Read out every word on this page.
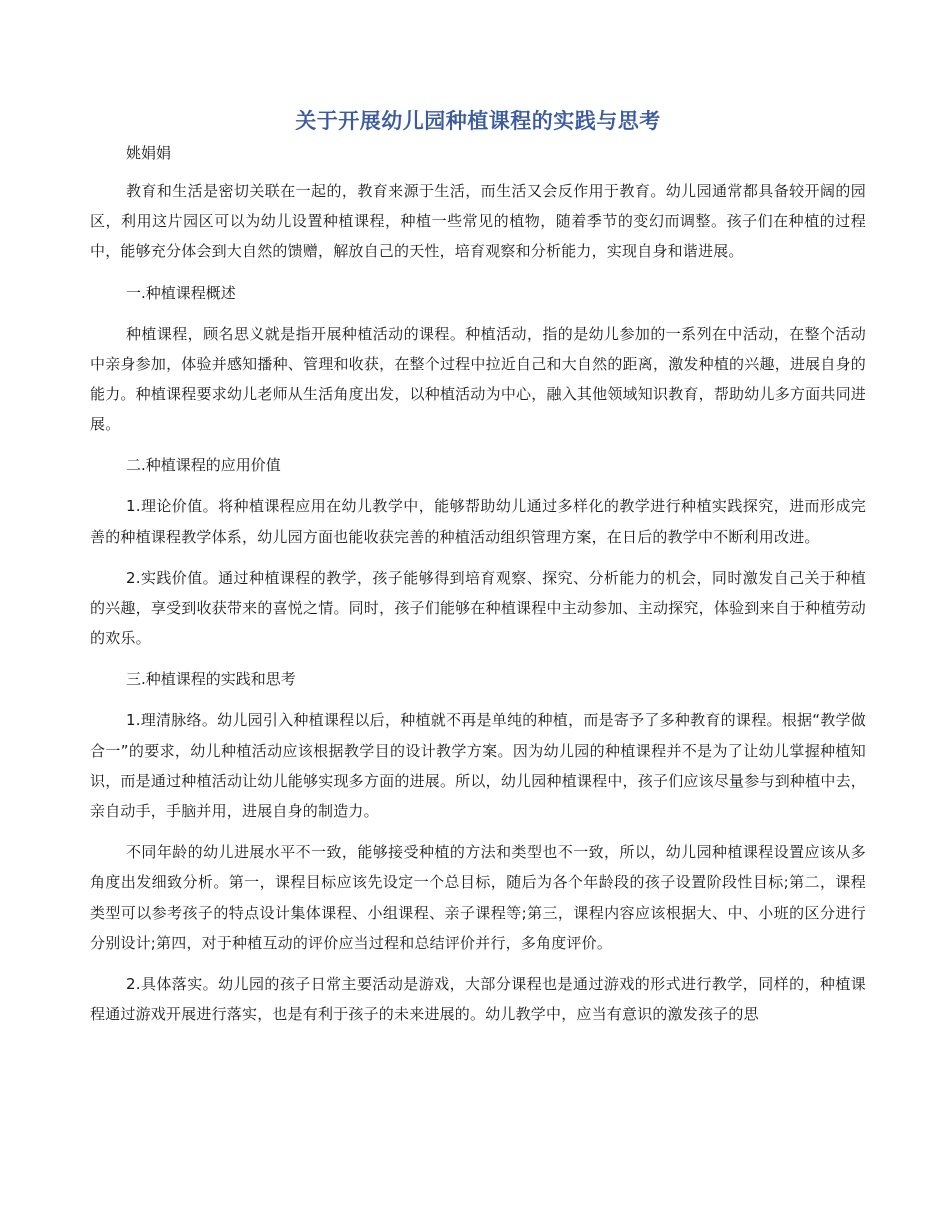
关于开展幼儿园种植课程的实践与思考
姚娟娟

教育和生活是密切关联在一起的，教育来源于生活，而生活又会反作用于教育。幼儿园通常都具备较开阔的园区，利用这片园区可以为幼儿设置种植课程，种植一些常见的植物，随着季节的变幻而调整。孩子们在种植的过程中，能够充分体会到大自然的馈赠，解放自己的天性，培育观察和分析能力，实现自身和谐进展。

一.种植课程概述

种植课程，顾名思义就是指开展种植活动的课程。种植活动，指的是幼儿参加的一系列在中活动，在整个活动中亲身参加，体验并感知播种、管理和收获，在整个过程中拉近自己和大自然的距离，激发种植的兴趣，进展自身的能力。种植课程要求幼儿老师从生活角度出发，以种植活动为中心，融入其他领域知识教育，帮助幼儿多方面共同进展。

二.种植课程的应用价值

1.理论价值。将种植课程应用在幼儿教学中，能够帮助幼儿通过多样化的教学进行种植实践探究，进而形成完善的种植课程教学体系，幼儿园方面也能收获完善的种植活动组织管理方案，在日后的教学中不断利用改进。

2.实践价值。通过种植课程的教学，孩子能够得到培育观察、探究、分析能力的机会，同时激发自己关于种植的兴趣，享受到收获带来的喜悦之情。同时，孩子们能够在种植课程中主动参加、主动探究，体验到来自于种植劳动的欢乐。

三.种植课程的实践和思考

1.理清脉络。幼儿园引入种植课程以后，种植就不再是单纯的种植，而是寄予了多种教育的课程。根据“教学做合一”的要求，幼儿种植活动应该根据教学目的设计教学方案。因为幼儿园的种植课程并不是为了让幼儿掌握种植知识，而是通过种植活动让幼儿能够实现多方面的进展。所以，幼儿园种植课程中，孩子们应该尽量参与到种植中去，亲自动手，手脑并用，进展自身的制造力。

不同年龄的幼儿进展水平不一致，能够接受种植的方法和类型也不一致，所以，幼儿园种植课程设置应该从多角度出发细致分析。第一，课程目标应该先设定一个总目标，随后为各个年龄段的孩子设置阶段性目标;第二，课程类型可以参考孩子的特点设计集体课程、小组课程、亲子课程等;第三，课程内容应该根据大、中、小班的区分进行分别设计;第四，对于种植互动的评价应当过程和总结评价并行，多角度评价。

2.具体落实。幼儿园的孩子日常主要活动是游戏，大部分课程也是通过游戏的形式进行教学，同样的，种植课程通过游戏开展进行落实，也是有利于孩子的未来进展的。幼儿教学中，应当有意识的激发孩子的思
